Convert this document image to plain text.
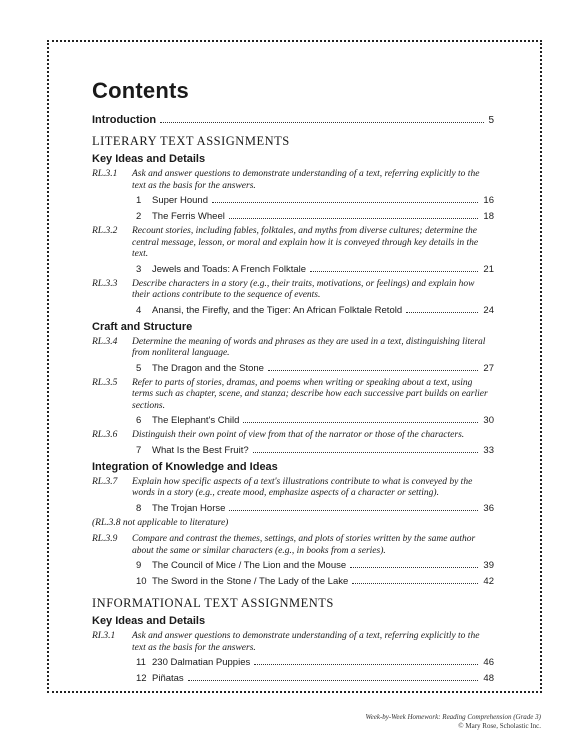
Contents
Introduction	5
LITERARY TEXT ASSIGNMENTS
Key Ideas and Details
RL.3.1	Ask and answer questions to demonstrate understanding of a text, referring explicitly to the text as the basis for the answers.
1	Super Hound	16
2	The Ferris Wheel	18
RL.3.2	Recount stories, including fables, folktales, and myths from diverse cultures; determine the central message, lesson, or moral and explain how it is conveyed through key details in the text.
3	Jewels and Toads: A French Folktale	21
RL.3.3	Describe characters in a story (e.g., their traits, motivations, or feelings) and explain how their actions contribute to the sequence of events.
4	Anansi, the Firefly, and the Tiger: An African Folktale Retold	24
Craft and Structure
RL.3.4	Determine the meaning of words and phrases as they are used in a text, distinguishing literal from nonliteral language.
5	The Dragon and the Stone	27
RL.3.5	Refer to parts of stories, dramas, and poems when writing or speaking about a text, using terms such as chapter, scene, and stanza; describe how each successive part builds on earlier sections.
6	The Elephant's Child	30
RL.3.6	Distinguish their own point of view from that of the narrator or those of the characters.
7	What Is the Best Fruit?	33
Integration of Knowledge and Ideas
RL.3.7	Explain how specific aspects of a text's illustrations contribute to what is conveyed by the words in a story (e.g., create mood, emphasize aspects of a character or setting).
8	The Trojan Horse	36
(RL.3.8 not applicable to literature)
RL.3.9	Compare and contrast the themes, settings, and plots of stories written by the same author about the same or similar characters (e.g., in books from a series).
9	The Council of Mice / The Lion and the Mouse	39
10 The Sword in the Stone / The Lady of the Lake	42
INFORMATIONAL TEXT ASSIGNMENTS
Key Ideas and Details
RI.3.1	Ask and answer questions to demonstrate understanding of a text, referring explicitly to the text as the basis for the answers.
11 230 Dalmatian Puppies	46
12 Piñatas	48
Week-by-Week Homework: Reading Comprehension (Grade 3)
© Mary Rose, Scholastic Inc.
